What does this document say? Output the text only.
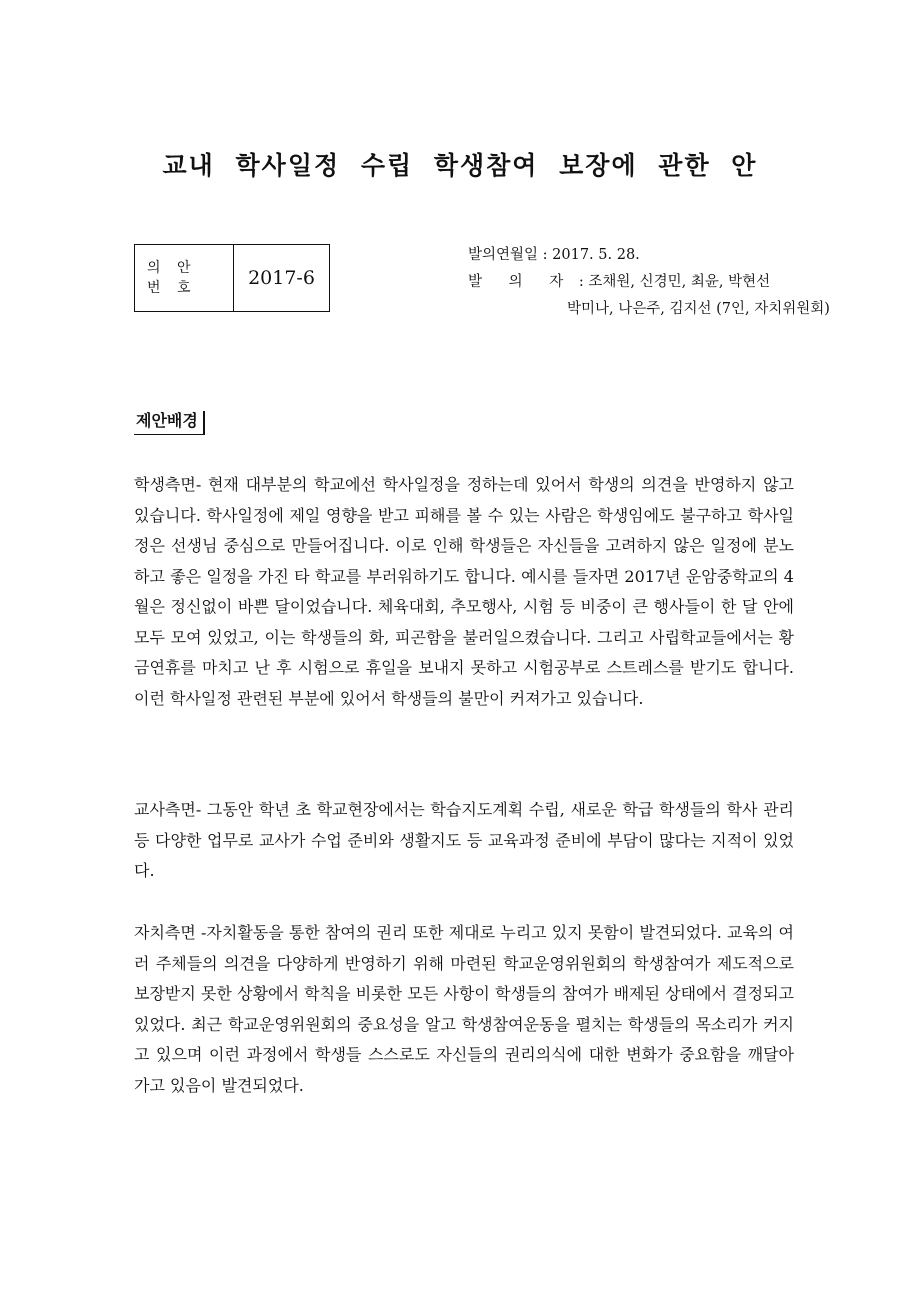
교내 학사일정 수립 학생참여 보장에 관한 안
의 안
번 호	2017-6
발의연월일 : 2017. 5. 28.
발 의 자 : 조채원, 신경민, 최윤, 박현선
박미나, 나은주, 김지선 (7인, 자치위원회)
제안배경

학생측면- 현재 대부분의 학교에선 학사일정을 정하는데 있어서 학생의 의견을 반영하지 않고 있습니다. 학사일정에 제일 영향을 받고 피해를 볼 수 있는 사람은 학생임에도 불구하고 학사일정은 선생님 중심으로 만들어집니다. 이로 인해 학생들은 자신들을 고려하지 않은 일정에 분노하고 좋은 일정을 가진 타 학교를 부러워하기도 합니다. 예시를 들자면 2017년 운암중학교의 4월은 정신없이 바쁜 달이었습니다. 체육대회, 추모행사, 시험 등 비중이 큰 행사들이 한 달 안에 모두 모여 있었고, 이는 학생들의 화, 피곤함을 불러일으켰습니다. 그리고 사립학교들에서는 황금연휴를 마치고 난 후 시험으로 휴일을 보내지 못하고 시험공부로 스트레스를 받기도 합니다. 이런 학사일정 관련된 부분에 있어서 학생들의 불만이 커져가고 있습니다.

교사측면- 그동안 학년 초 학교현장에서는 학습지도계획 수립, 새로운 학급 학생들의 학사 관리 등 다양한 업무로 교사가 수업 준비와 생활지도 등 교육과정 준비에 부담이 많다는 지적이 있었다.

자치측면 -자치활동을 통한 참여의 권리 또한 제대로 누리고 있지 못함이 발견되었다. 교육의 여러 주체들의 의견을 다양하게 반영하기 위해 마련된 학교운영위원회의 학생참여가 제도적으로 보장받지 못한 상황에서 학칙을 비롯한 모든 사항이 학생들의 참여가 배제된 상태에서 결정되고 있었다. 최근 학교운영위원회의 중요성을 알고 학생참여운동을 펼치는 학생들의 목소리가 커지고 있으며 이런 과정에서 학생들 스스로도 자신들의 권리의식에 대한 변화가 중요함을 깨달아 가고 있음이 발견되었다.
